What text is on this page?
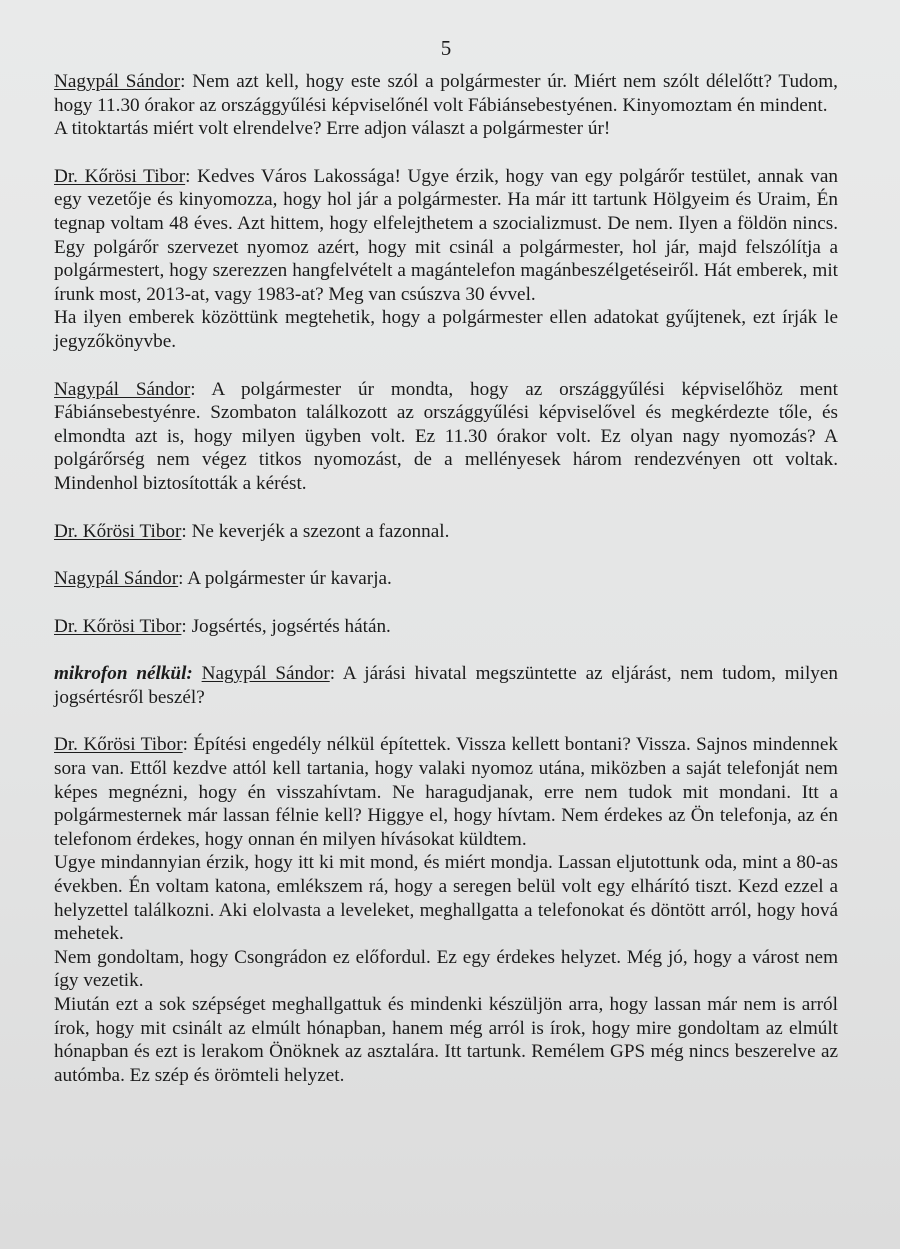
5

Nagypál Sándor: Nem azt kell, hogy este szól a polgármester úr. Miért nem szólt délelőtt? Tudom, hogy 11.30 órakor az országgyűlési képviselőnél volt Fábiánsebestyénen. Kinyomoztam én mindent.

A titoktartás miért volt elrendelve? Erre adjon választ a polgármester úr!

Dr. Kőrösi Tibor: Kedves Város Lakossága! Ugye érzik, hogy van egy polgárőr testület, annak van egy vezetője és kinyomozza, hogy hol jár a polgármester. Ha már itt tartunk Hölgyeim és Uraim, Én tegnap voltam 48 éves. Azt hittem, hogy elfelejthetem a szocializmust. De nem. Ilyen a földön nincs. Egy polgárőr szervezet nyomoz azért, hogy mit csinál a polgármester, hol jár, majd felszólítja a polgármestert, hogy szerezzen hangfelvételt a magántelefon magánbeszélgetéseiről. Hát emberek, mit írunk most, 2013-at, vagy 1983-at? Meg van csúszva 30 évvel.

Ha ilyen emberek közöttünk megtehetik, hogy a polgármester ellen adatokat gyűjtenek, ezt írják le jegyzőkönyvbe.

Nagypál Sándor: A polgármester úr mondta, hogy az országgyűlési képviselőhöz ment Fábiánsebestyénre. Szombaton találkozott az országgyűlési képviselővel és megkérdezte tőle, és elmondta azt is, hogy milyen ügyben volt. Ez 11.30 órakor volt. Ez olyan nagy nyomozás? A polgárőrség nem végez titkos nyomozást, de a mellényesek három rendezvényen ott voltak. Mindenhol biztosították a kérést.

Dr. Kőrösi Tibor: Ne keverjék a szezont a fazonnal.

Nagypál Sándor: A polgármester úr kavarja.

Dr. Kőrösi Tibor: Jogsértés, jogsértés hátán.

mikrofon nélkül: Nagypál Sándor: A járási hivatal megszüntette az eljárást, nem tudom, milyen jogsértésről beszél?

Dr. Kőrösi Tibor: Építési engedély nélkül építettek. Vissza kellett bontani? Vissza. Sajnos mindennek sora van. Ettől kezdve attól kell tartania, hogy valaki nyomoz utána, miközben a saját telefonját nem képes megnézni, hogy én visszahívtam. Ne haragudjanak, erre nem tudok mit mondani. Itt a polgármesternek már lassan félnie kell? Higgye el, hogy hívtam. Nem érdekes az Ön telefonja, az én telefonom érdekes, hogy onnan én milyen hívásokat küldtem.

Ugye mindannyian érzik, hogy itt ki mit mond, és miért mondja. Lassan eljutottunk oda, mint a 80-as években. Én voltam katona, emlékszem rá, hogy a seregen belül volt egy elhárító tiszt. Kezd ezzel a helyzettel találkozni. Aki elolvasta a leveleket, meghallgatta a telefonokat és döntött arról, hogy hová mehetek.

Nem gondoltam, hogy Csongrádon ez előfordul. Ez egy érdekes helyzet. Még jó, hogy a várost nem így vezetik.

Miután ezt a sok szépséget meghallgattuk és mindenki készüljön arra, hogy lassan már nem is arról írok, hogy mit csinált az elmúlt hónapban, hanem még arról is írok, hogy mire gondoltam az elmúlt hónapban és ezt is lerakom Önöknek az asztalára. Itt tartunk. Remélem GPS még nincs beszerelve az autómba. Ez szép és örömteli helyzet.
